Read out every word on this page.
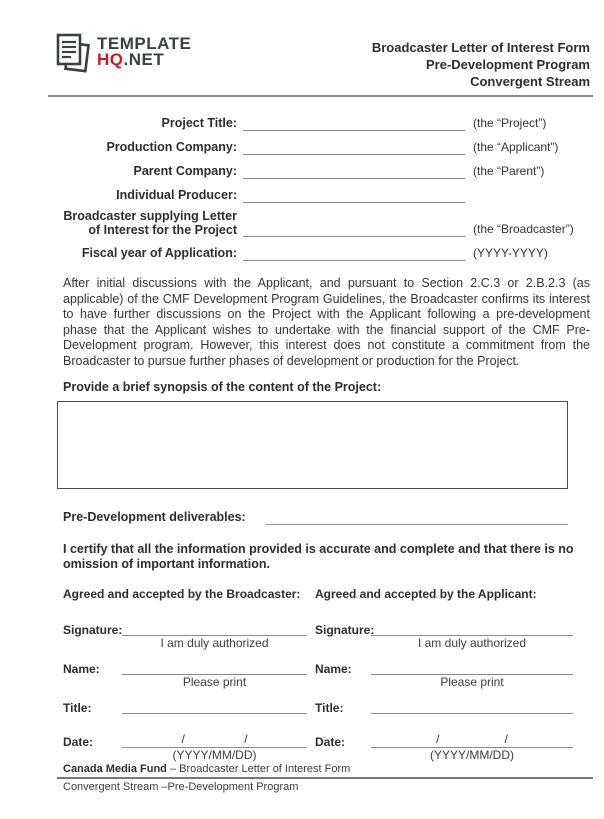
TEMPLATE
HQ.NET
Broadcaster Letter of Interest Form
Pre-Development Program
Convergent Stream
Project Title:	(the “Project”)
Production Company:	(the “Applicant”)
Parent Company:	(the “Parent”)
Individual Producer:
Broadcaster supplying Letter
of Interest for the Project	(the “Broadcaster”)
Fiscal year of Application:	(YYYY-YYYY)

After initial discussions with the Applicant, and pursuant to Section 2.C.3 or 2.B.2.3 (as applicable) of the CMF Development Program Guidelines, the Broadcaster confirms its interest to have further discussions on the Project with the Applicant following a pre-development phase that the Applicant wishes to undertake with the financial support of the CMF Pre-Development program. However, this interest does not constitute a commitment from the Broadcaster to pursue further phases of development or production for the Project.

Provide a brief synopsis of the content of the Project:
Pre-Development deliverables:

I certify that all the information provided is accurate and complete and that there is no omission of important information.

Agreed and accepted by the Broadcaster:
Signature:
I am duly authorized
Name:
Please print
Title:
Date:	/	/
(YYYY/MM/DD)
Agreed and accepted by the Applicant:
Signature:
I am duly authorized
Name:
Please print
Title:
Date:	/	/
(YYYY/MM/DD)
Canada Media Fund – Broadcaster Letter of Interest Form
Convergent Stream –Pre-Development Program
